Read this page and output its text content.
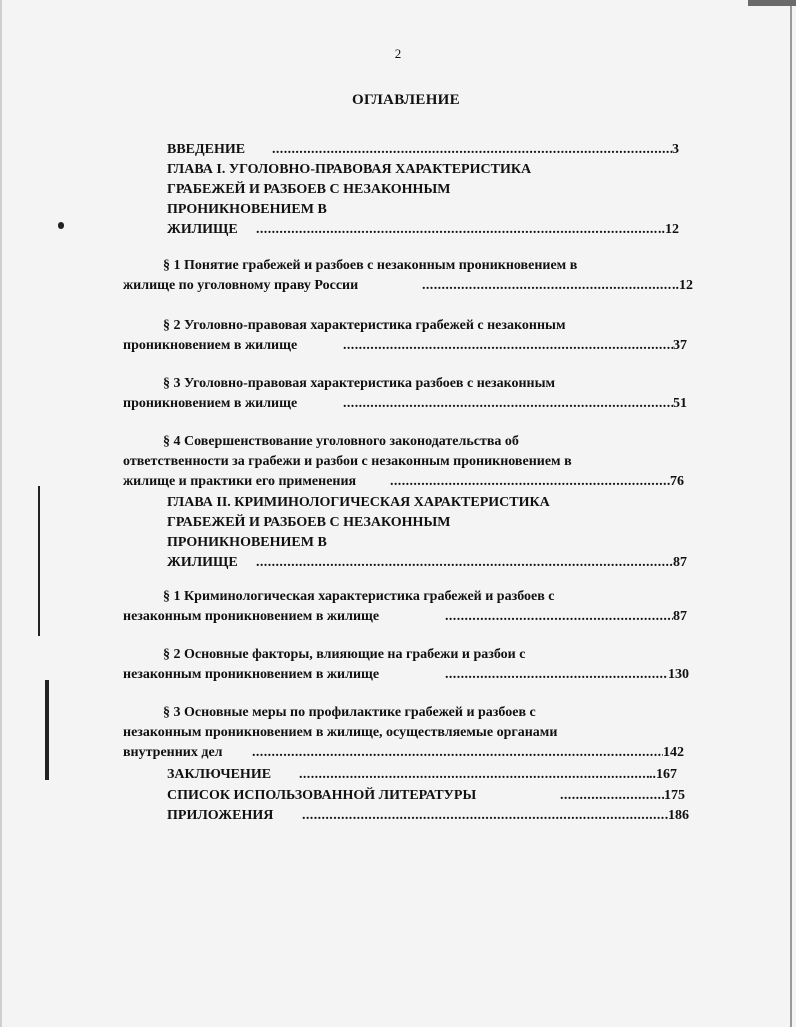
2
ОГЛАВЛЕНИЕ
ВВЕДЕНИЕ .....	3
ГЛАВА I. УГОЛОВНО-ПРАВОВАЯ ХАРАКТЕРИСТИКА
ГРАБЕЖЕЙ И РАЗБОЕВ С НЕЗАКОННЫМ
ПРОНИКНОВЕНИЕМ В
ЖИЛИЩЕ .....	..12
§ 1 Понятие грабежей и разбоев с незаконным проникновением в
жилище по уголовному праву России .....	..12
§ 2 Уголовно-правовая характеристика грабежей с незаконным
проникновением в жилище .....	37
§ 3 Уголовно-правовая характеристика разбоев с незаконным
проникновением в жилище .....	51
§ 4 Совершенствование уголовного законодательства об
ответственности за грабежи и разбои с незаконным проникновением в
жилище и практики его применения .....	76
ГЛАВА II. КРИМИНОЛОГИЧЕСКАЯ ХАРАКТЕРИСТИКА
ГРАБЕЖЕЙ И РАЗБОЕВ С НЕЗАКОННЫМ
ПРОНИКНОВЕНИЕМ В
ЖИЛИЩЕ .....	87
§ 1 Криминологическая характеристика грабежей и разбоев с
незаконным проникновением в жилище .....	87
§ 2 Основные факторы, влияющие на грабежи и разбои с
незаконным проникновением в жилище .....	130
§ 3 Основные меры по профилактике грабежей и разбоев с
незаконным проникновением в жилище, осуществляемые органами
внутренних дел .....	142
ЗАКЛЮЧЕНИЕ .....	..167
СПИСОК ИСПОЛЬЗОВАННОЙ ЛИТЕРАТУРЫ .....	175
ПРИЛОЖЕНИЯ .....	186
